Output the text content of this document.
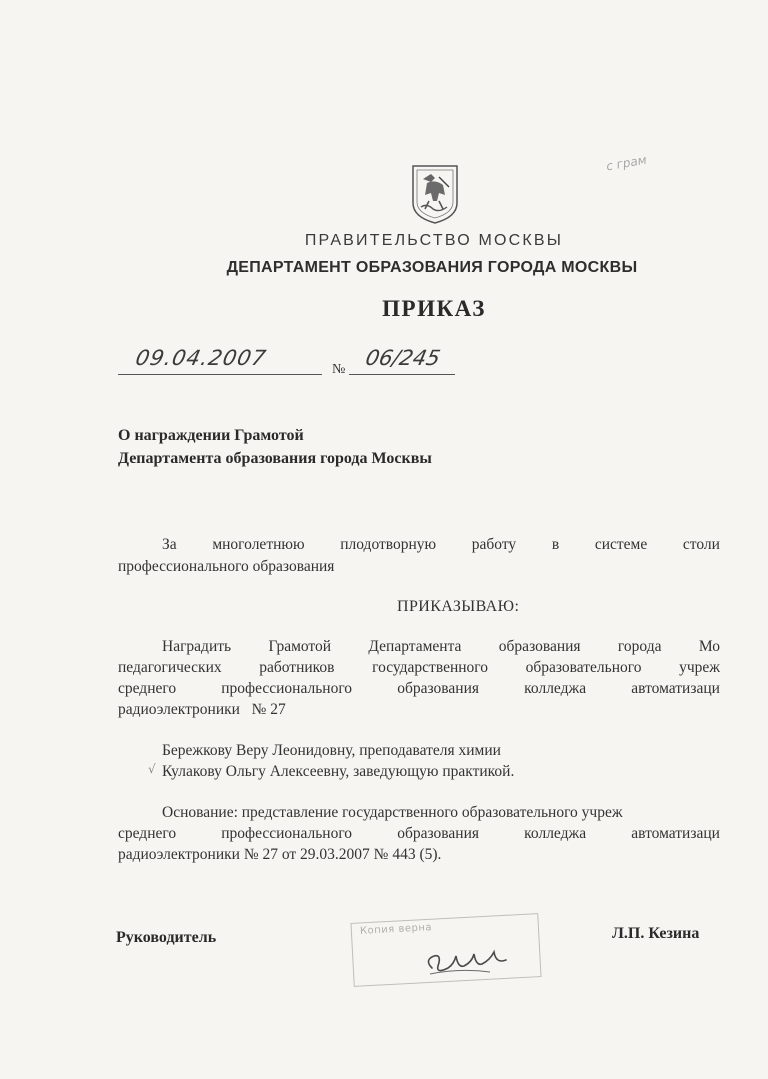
с грам
ПРАВИТЕЛЬСТВО МОСКВЫ
ДЕПАРТАМЕНТ ОБРАЗОВАНИЯ ГОРОДА МОСКВЫ
ПРИКАЗ
09.04.2007	№ 06/245
О награждении Грамотой
Департамента образования города Москвы
За многолетнюю плодотворную работу в системе столи
профессионального образования
ПРИКАЗЫВАЮ:
Наградить Грамотой Департамента образования города Мо
педагогических работников государственного образовательного учреж
среднего	профессионального	образования	колледжа	автоматизаци
радиоэлектроники   № 27
Бережкову Веру Леонидовну, преподавателя химии
√ Кулакову Ольгу Алексеевну, заведующую практикой.
Основание: представление государственного образовательного учреж
среднего	профессионального	образования	колледжа	автоматизаци
радиоэлектроники № 27 от 29.03.2007 № 443 (5).
Руководитель	Л.П. Кезина
Копия верна
